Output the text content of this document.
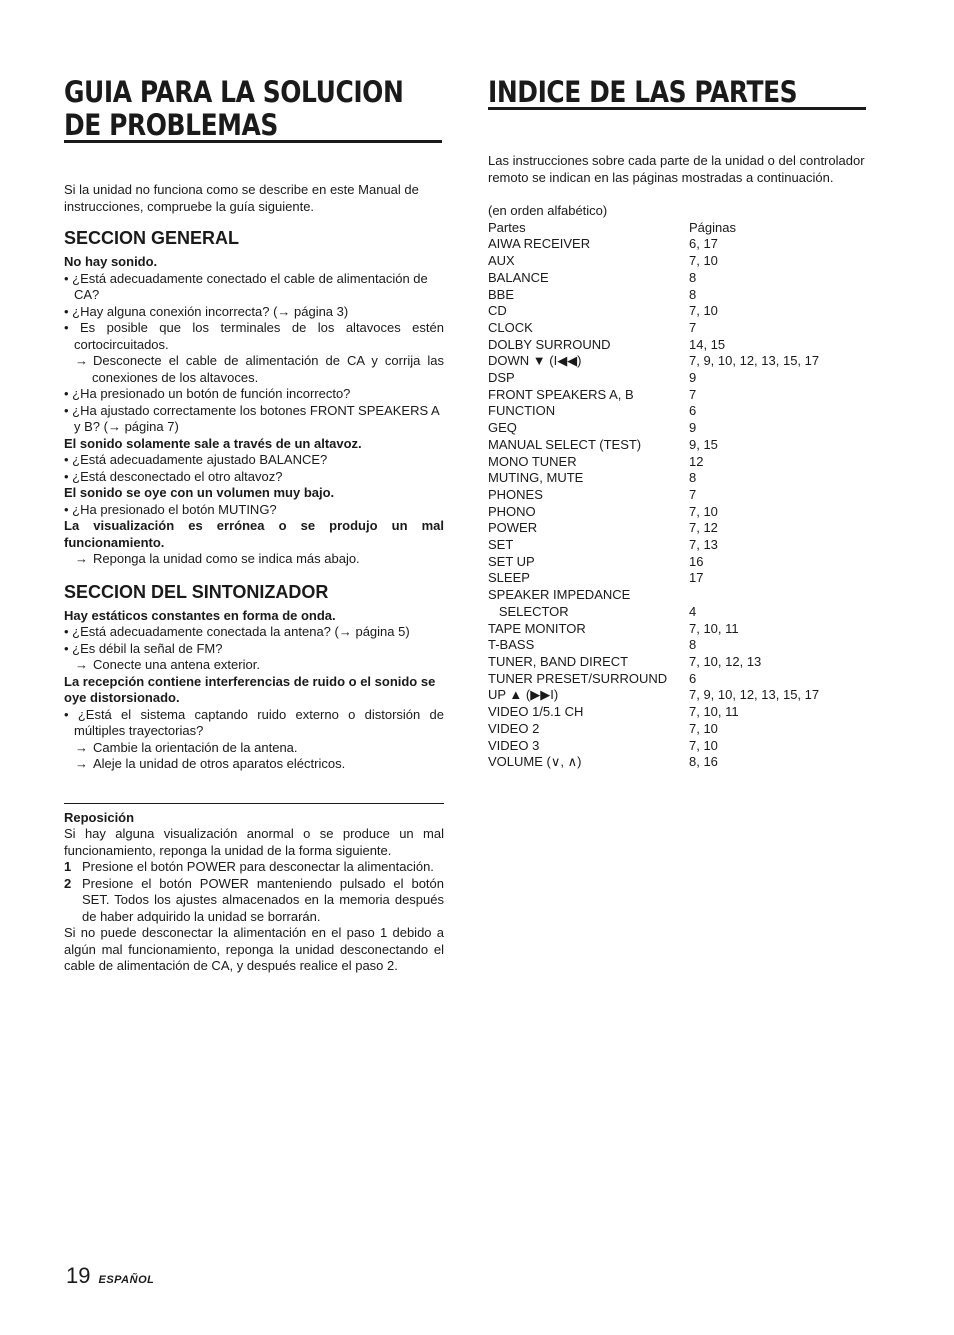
GUIA PARA LA SOLUCION DE PROBLEMAS

Si la unidad no funciona como se describe en este Manual de instrucciones, compruebe la guía siguiente.

SECCION GENERAL

No hay sonido.

• ¿Está adecuadamente conectado el cable de alimentación de CA?

• ¿Hay alguna conexión incorrecta? (→ página 3)

• Es posible que los terminales de los altavoces estén cortocircuitados.

→ Desconecte el cable de alimentación de CA y corrija las conexiones de los altavoces.

• ¿Ha presionado un botón de función incorrecto?

• ¿Ha ajustado correctamente los botones FRONT SPEAKERS A y B? (→ página 7)

El sonido solamente sale a través de un altavoz.

• ¿Está adecuadamente ajustado BALANCE?

• ¿Está desconectado el otro altavoz?

El sonido se oye con un volumen muy bajo.

• ¿Ha presionado el botón MUTING?

La visualización es errónea o se produjo un mal funcionamiento.

→ Reponga la unidad como se indica más abajo.

SECCION DEL SINTONIZADOR

Hay estáticos constantes en forma de onda.

• ¿Está adecuadamente conectada la antena? (→ página 5)

• ¿Es débil la señal de FM?

→ Conecte una antena exterior.

La recepción contiene interferencias de ruido o el sonido se oye distorsionado.

• ¿Está el sistema captando ruido externo o distorsión de múltiples trayectorias?

→ Cambie la orientación de la antena.

→ Aleje la unidad de otros aparatos eléctricos.

Reposición

Si hay alguna visualización anormal o se produce un mal funcionamiento, reponga la unidad de la forma siguiente.

1 Presione el botón POWER para desconectar la alimentación.

2 Presione el botón POWER manteniendo pulsado el botón SET. Todos los ajustes almacenados en la memoria después de haber adquirido la unidad se borrarán.

Si no puede desconectar la alimentación en el paso 1 debido a algún mal funcionamiento, reponga la unidad desconectando el cable de alimentación de CA, y después realice el paso 2.

INDICE DE LAS PARTES

Las instrucciones sobre cada parte de la unidad o del controlador remoto se indican en las páginas mostradas a continuación.

(en orden alfabético)	
Partes	Páginas
AIWA RECEIVER	6, 17
AUX	7, 10
BALANCE	8
BBE	8
CD	7, 10
CLOCK	7
DOLBY SURROUND	14, 15
DOWN ▼ (I◀◀)	7, 9, 10, 12, 13, 15, 17
DSP	9
FRONT SPEAKERS A, B	7
FUNCTION	6
GEQ	9
MANUAL SELECT (TEST)	9, 15
MONO TUNER	12
MUTING, MUTE	8
PHONES	7
PHONO	7, 10
POWER	7, 12
SET	7, 13
SET UP	16
SLEEP	17
SPEAKER IMPEDANCE	
SELECTOR	4
TAPE MONITOR	7, 10, 11
T-BASS	8
TUNER, BAND DIRECT	7, 10, 12, 13
TUNER PRESET/SURROUND	6
UP ▲ (▶▶I)	7, 9, 10, 12, 13, 15, 17
VIDEO 1/5.1 CH	7, 10, 11
VIDEO 2	7, 10
VIDEO 3	7, 10
VOLUME (∨, ∧)	8, 16
19 ESPAÑOL
